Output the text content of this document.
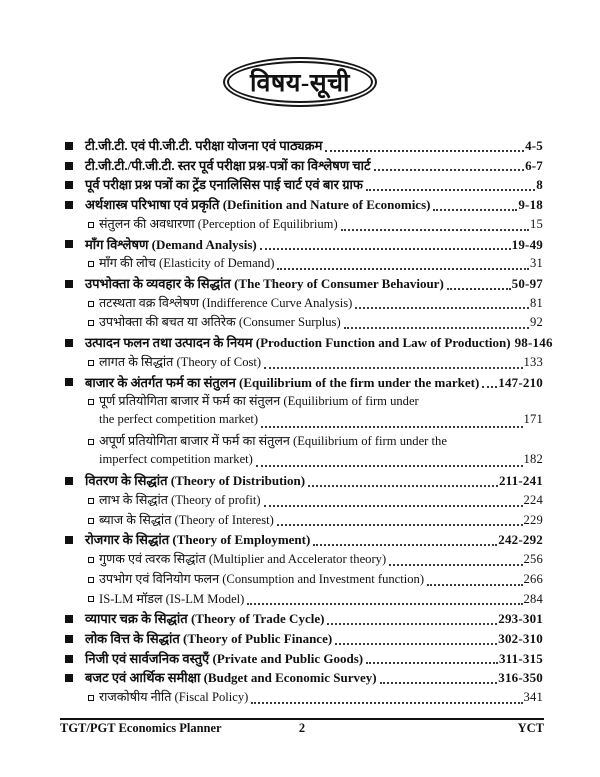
विषय-सूची
टी.जी.टी. एवं पी.जी.टी. परीक्षा योजना एवं पाठ्यक्रम	4-5
टी.जी.टी./पी.जी.टी. स्तर पूर्व परीक्षा प्रश्न-पत्रों का विश्लेषण चार्ट	6-7
पूर्व परीक्षा प्रश्न पत्रों का ट्रेंड एनालिसिस पाई चार्ट एवं बार ग्राफ	8
अर्थशास्त्र परिभाषा एवं प्रकृति (Definition and Nature of Economics)	9-18
संतुलन की अवधारणा (Perception of Equilibrium)	15
माँग विश्लेषण (Demand Analysis)	19-49
माँग की लोच (Elasticity of Demand)	31
उपभोक्ता के व्यवहार के सिद्धांत (The Theory of Consumer Behaviour)	50-97
तटस्थता वक्र विश्लेषण (Indifference Curve Analysis)	81
उपभोक्ता की बचत या अतिरेक (Consumer Surplus)	92
उत्पादन फलन तथा उत्पादन के नियम (Production Function and Law of Production) 98-146
लागत के सिद्धांत (Theory of Cost)	133
बाजार के अंतर्गत फर्म का संतुलन (Equilibrium of the firm under the market) 147-210
पूर्ण प्रतियोगिता बाजार में फर्म का संतुलन (Equilibrium of firm under
the perfect competition market)	171
अपूर्ण प्रतियोगिता बाजार में फर्म का संतुलन (Equilibrium of firm under the
imperfect competition market)	182
वितरण के सिद्धांत (Theory of Distribution)	211-241
लाभ के सिद्धांत (Theory of profit)	224
ब्याज के सिद्धांत (Theory of Interest)	229
रोजगार के सिद्धांत (Theory of Employment)	242-292
गुणक एवं त्वरक सिद्धांत (Multiplier and Accelerator theory)	256
उपभोग एवं विनियोग फलन (Consumption and Investment function)	266
IS-LM मॉडल (IS-LM Model)	284
व्यापार चक्र के सिद्धांत (Theory of Trade Cycle)	293-301
लोक वित्त के सिद्धांत (Theory of Public Finance)	302-310
निजी एवं सार्वजनिक वस्तुएँ (Private and Public Goods)	311-315
बजट एवं आर्थिक समीक्षा (Budget and Economic Survey)	316-350
राजकोषीय नीति (Fiscal Policy)	341
TGT/PGT Economics Planner	2	YCT
